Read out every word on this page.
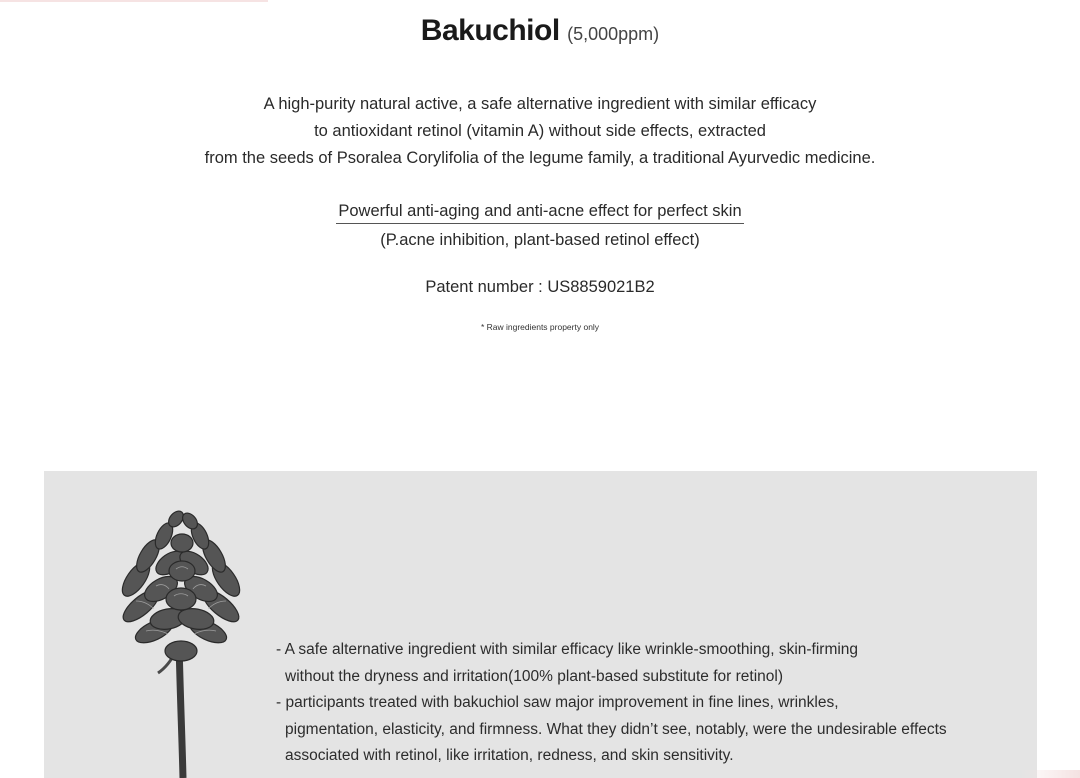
Bakuchiol (5,000ppm)
A high-purity natural active, a safe alternative ingredient with similar efficacy
to antioxidant retinol (vitamin A) without side effects, extracted
from the seeds of Psoralea Corylifolia of the legume family, a traditional Ayurvedic medicine.
Powerful anti-aging and anti-acne effect for perfect skin
(P.acne inhibition, plant-based retinol effect)
Patent number : US8859021B2
* Raw ingredients property only
- A safe alternative ingredient with similar efficacy like wrinkle-smoothing, skin-firming
without the dryness and irritation(100% plant-based substitute for retinol)
- participants treated with bakuchiol saw major improvement in fine lines, wrinkles,
pigmentation, elasticity, and firmness. What they didn’t see, notably, were the undesirable effects
associated with retinol, like irritation, redness, and skin sensitivity.
